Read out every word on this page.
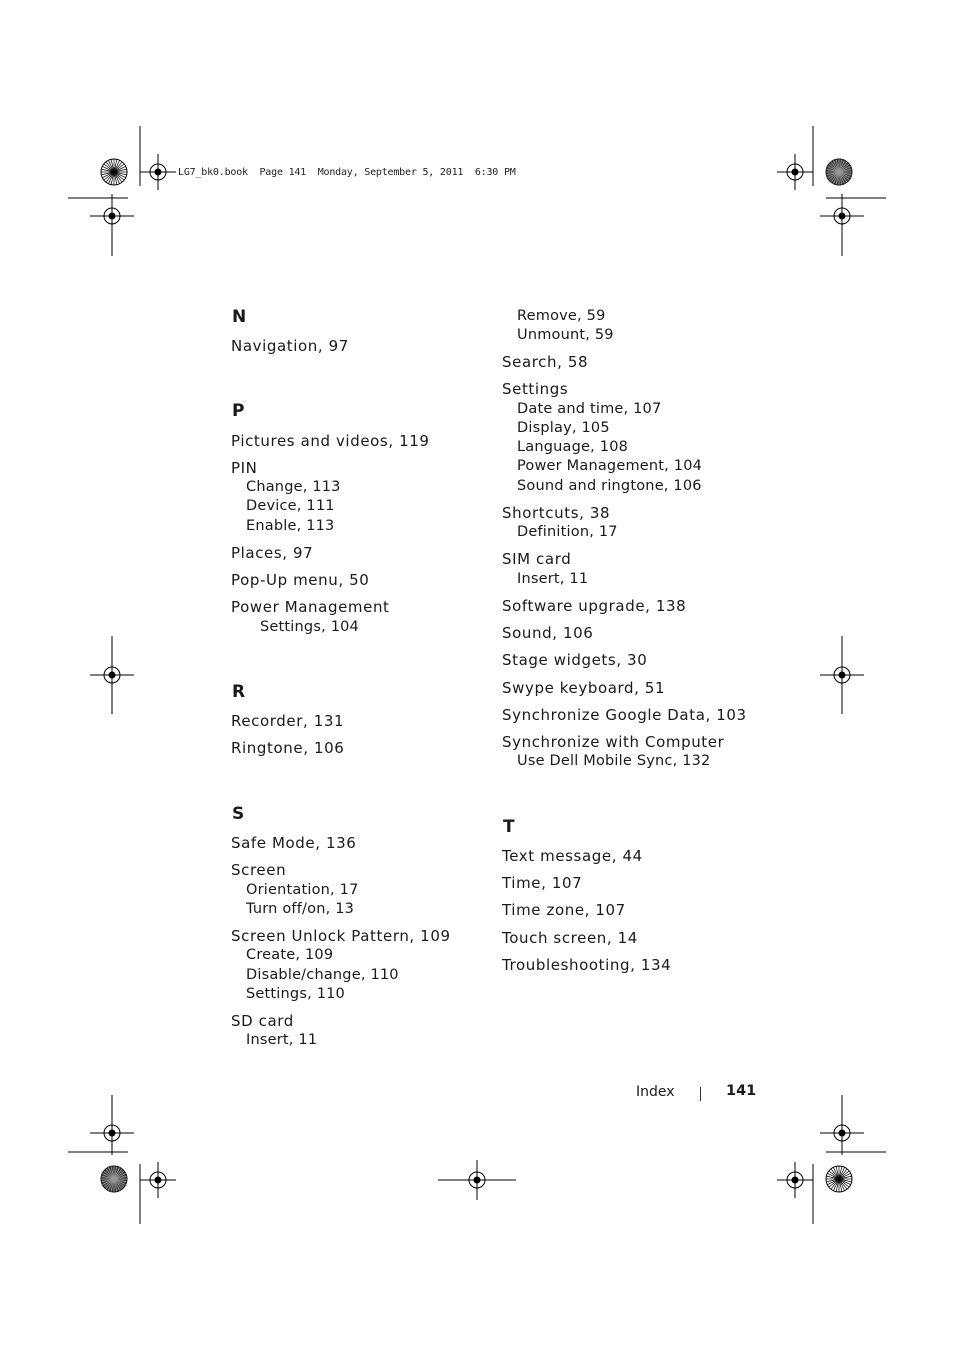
LG7_bk0.book  Page 141  Monday, September 5, 2011  6:30 PM
N
Navigation, 97
P
Pictures and videos, 119
PIN
Change, 113
Device, 111
Enable, 113
Places, 97
Pop-Up menu, 50
Power Management
Settings, 104
R
Recorder, 131
Ringtone, 106
S
Safe Mode, 136
Screen
Orientation, 17
Turn off/on, 13
Screen Unlock Pattern, 109
Create, 109
Disable/change, 110
Settings, 110
SD card
Insert, 11
Remove, 59
Unmount, 59
Search, 58
Settings
Date and time, 107
Display, 105
Language, 108
Power Management, 104
Sound and ringtone, 106
Shortcuts, 38
Definition, 17
SIM card
Insert, 11
Software upgrade, 138
Sound, 106
Stage widgets, 30
Swype keyboard, 51
Synchronize Google Data, 103
Synchronize with Computer
Use Dell Mobile Sync, 132
T
Text message, 44
Time, 107
Time zone, 107
Touch screen, 14
Troubleshooting, 134
Index	141
